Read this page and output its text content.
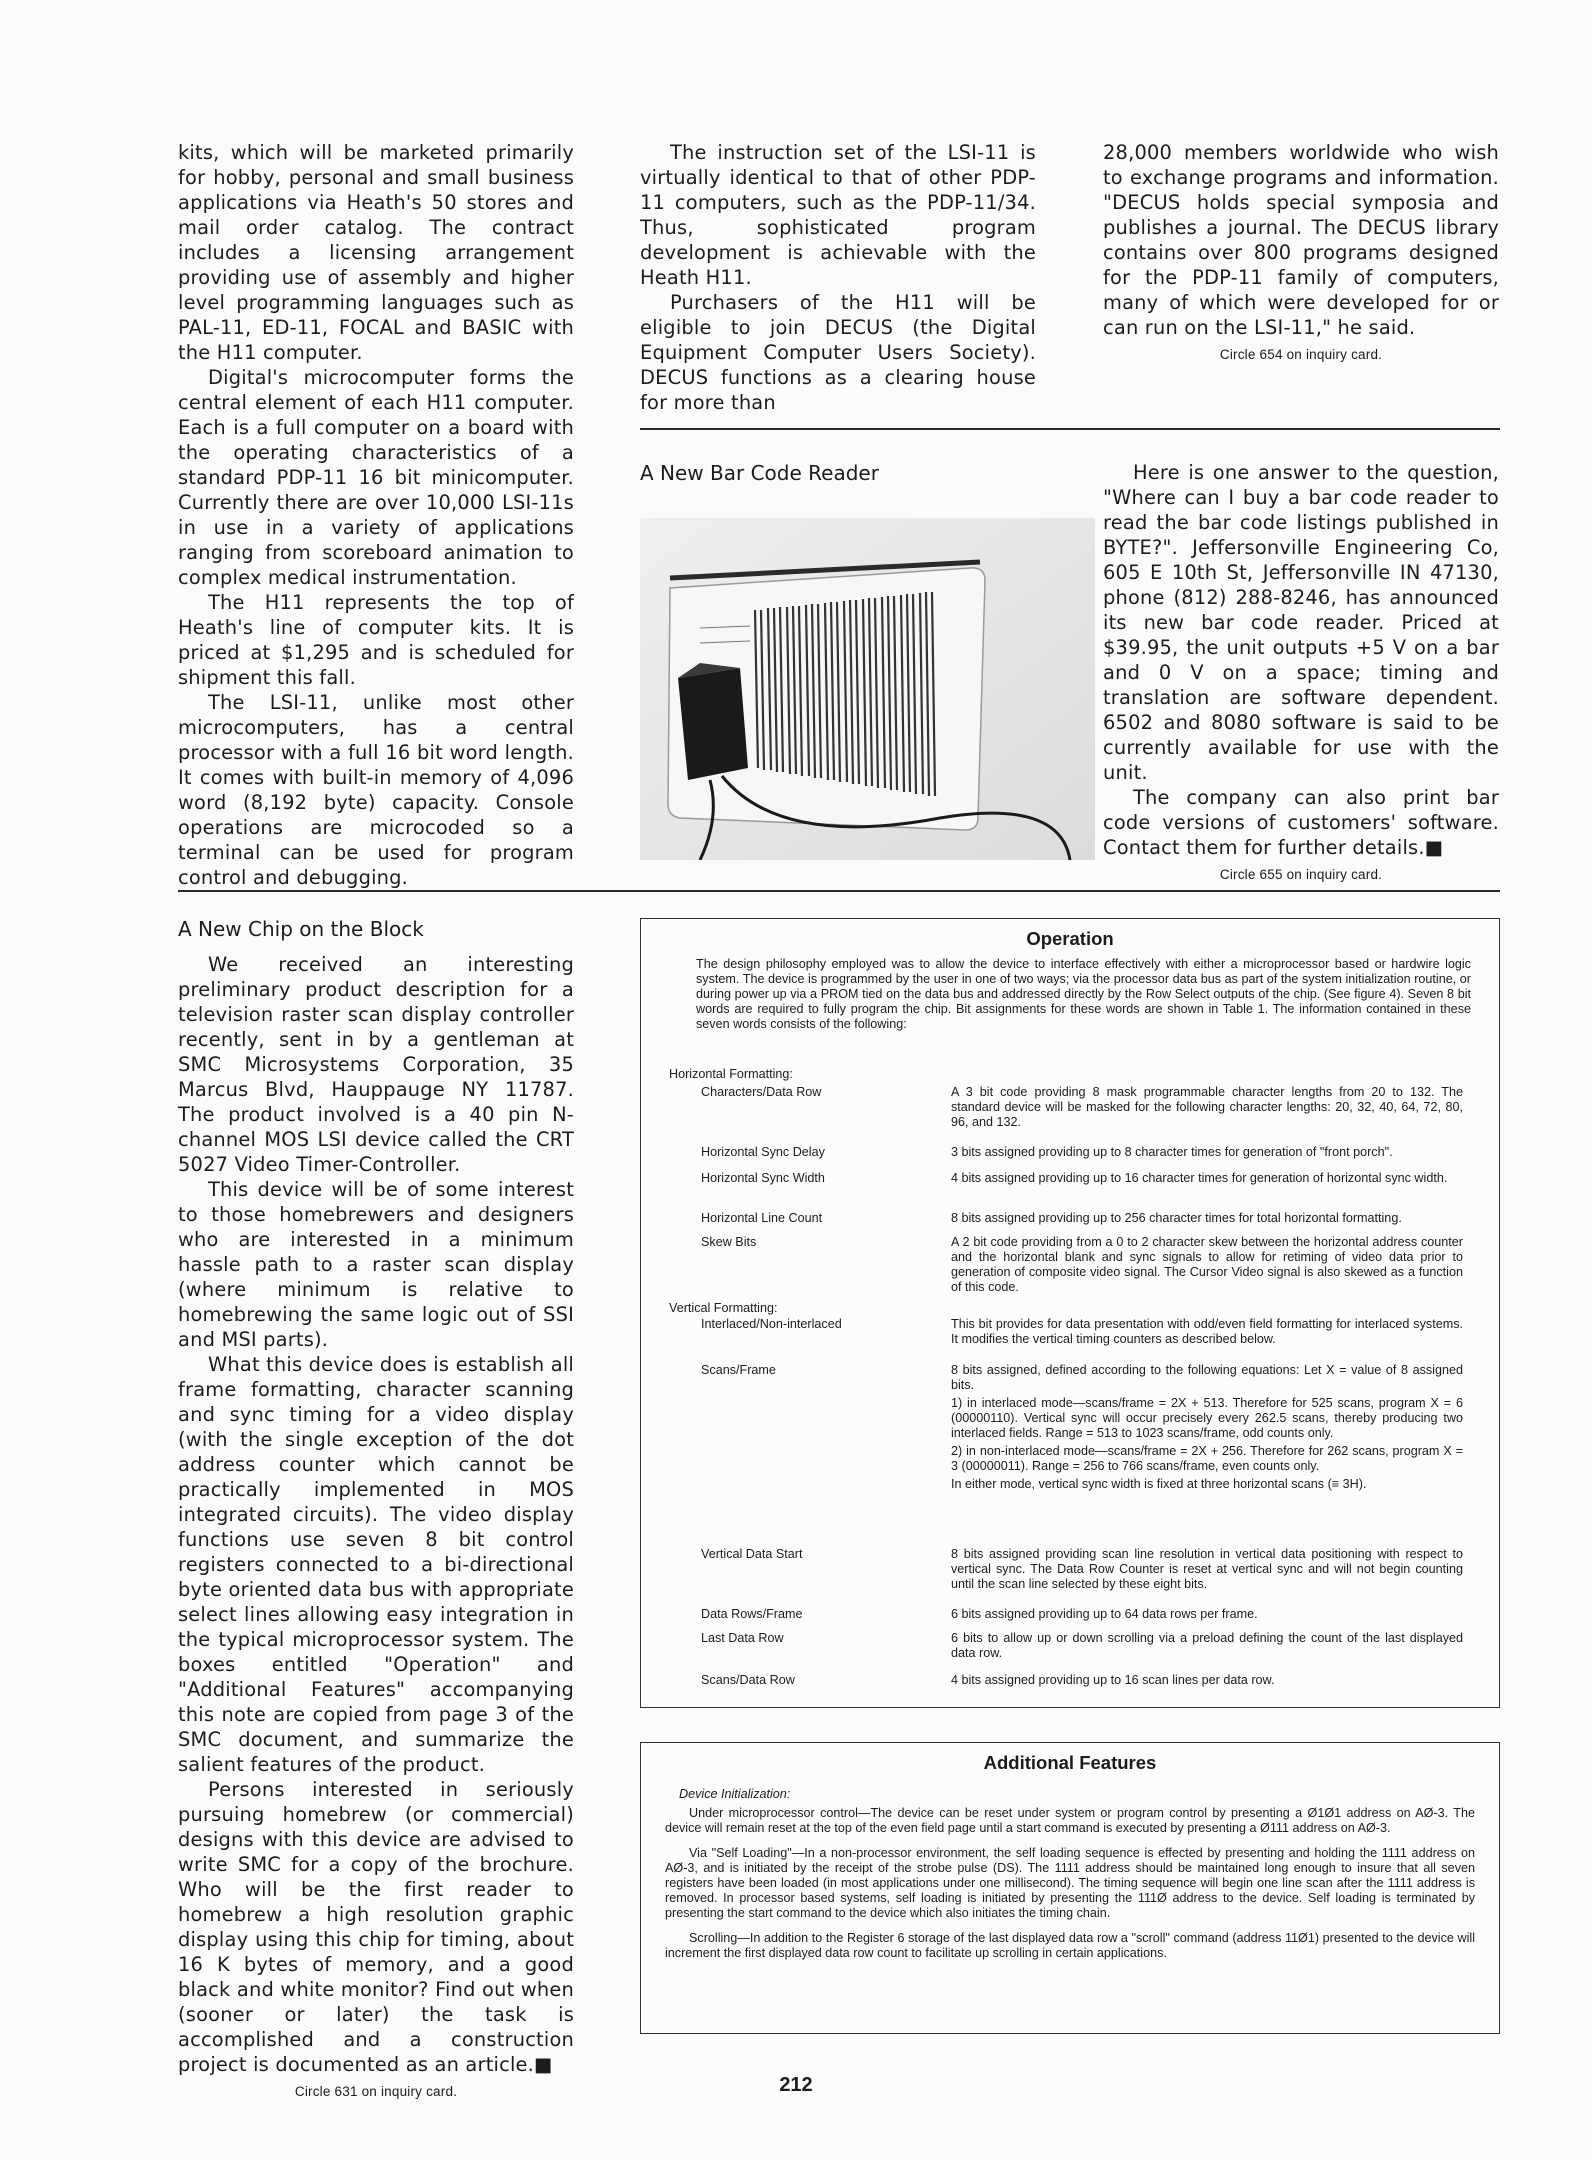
kits, which will be marketed primarily for hobby, personal and small business applications via Heath's 50 stores and mail order catalog. The contract includes a licensing arrangement providing use of assembly and higher level programming languages such as PAL-11, ED-11, FOCAL and BASIC with the H11 computer.

Digital's microcomputer forms the central element of each H11 computer. Each is a full computer on a board with the operating characteristics of a standard PDP-11 16 bit minicomputer. Currently there are over 10,000 LSI-11s in use in a variety of applications ranging from scoreboard animation to complex medical instrumentation.

The H11 represents the top of Heath's line of computer kits. It is priced at $1,295 and is scheduled for shipment this fall.

The LSI-11, unlike most other microcomputers, has a central processor with a full 16 bit word length. It comes with built-in memory of 4,096 word (8,192 byte) capacity. Console operations are microcoded so a terminal can be used for program control and debugging.

The instruction set of the LSI-11 is virtually identical to that of other PDP-11 computers, such as the PDP-11/34. Thus, sophisticated program development is achievable with the Heath H11.

Purchasers of the H11 will be eligible to join DECUS (the Digital Equipment Computer Users Society). DECUS functions as a clearing house for more than

28,000 members worldwide who wish to exchange programs and information. "DECUS holds special symposia and publishes a journal. The DECUS library contains over 800 programs designed for the PDP-11 family of computers, many of which were developed for or can run on the LSI-11," he said.

Circle 654 on inquiry card.
A New Bar Code Reader	Here is one answer to the question, "Where can I buy a bar code reader to read the bar code listings published in BYTE?". Jeffersonville Engineering Co, 605 E 10th St, Jeffersonville IN 47130, phone (812) 288-8246, has announced its new bar code reader. Priced at $39.95, the unit outputs +5 V on a bar and 0 V on a space; timing and translation are software dependent. 6502 and 8080 software is said to be currently available for use with the unit.

The company can also print bar code versions of customers' software. Contact them for further details.■

Circle 655 on inquiry card.
A New Chip on the Block

We received an interesting preliminary product description for a television raster scan display controller recently, sent in by a gentleman at SMC Microsystems Corporation, 35 Marcus Blvd, Hauppauge NY 11787. The product involved is a 40 pin N-channel MOS LSI device called the CRT 5027 Video Timer-Controller.

This device will be of some interest to those homebrewers and designers who are interested in a minimum hassle path to a raster scan display (where minimum is relative to homebrewing the same logic out of SSI and MSI parts).

What this device does is establish all frame formatting, character scanning and sync timing for a video display (with the single exception of the dot address counter which cannot be practically implemented in MOS integrated circuits). The video display functions use seven 8 bit control registers connected to a bi-directional byte oriented data bus with appropriate select lines allowing easy integration in the typical microprocessor system. The boxes entitled "Operation" and "Additional Features" accompanying this note are copied from page 3 of the SMC document, and summarize the salient features of the product.

Persons interested in seriously pursuing homebrew (or commercial) designs with this device are advised to write SMC for a copy of the brochure. Who will be the first reader to homebrew a high resolution graphic display using this chip for timing, about 16 K bytes of memory, and a good black and white monitor? Find out when (sooner or later) the task is accomplished and a construction project is documented as an article.■

Circle 631 on inquiry card.
Operation

The design philosophy employed was to allow the device to interface effectively with either a microprocessor based or hardwire logic system. The device is programmed by the user in one of two ways; via the processor data bus as part of the system initialization routine, or during power up via a PROM tied on the data bus and addressed directly by the Row Select outputs of the chip. (See figure 4). Seven 8 bit words are required to fully program the chip. Bit assignments for these words are shown in Table 1. The information contained in these seven words consists of the following:

Horizontal Formatting:
Characters/Data Row	A 3 bit code providing 8 mask programmable character lengths from 20 to 132. The standard device will be masked for the following character lengths: 20, 32, 40, 64, 72, 80, 96, and 132.
Horizontal Sync Delay	3 bits assigned providing up to 8 character times for generation of "front porch".
Horizontal Sync Width	4 bits assigned providing up to 16 character times for generation of horizontal sync width.
Horizontal Line Count	8 bits assigned providing up to 256 character times for total horizontal formatting.
Skew Bits	A 2 bit code providing from a 0 to 2 character skew between the horizontal address counter and the horizontal blank and sync signals to allow for retiming of video data prior to generation of composite video signal. The Cursor Video signal is also skewed as a function of this code.
Vertical Formatting:
Interlaced/Non-interlaced	This bit provides for data presentation with odd/even field formatting for interlaced systems. It modifies the vertical timing counters as described below.
Scans/Frame	8 bits assigned, defined according to the following equations: Let X = value of 8 assigned bits.
1) in interlaced mode—scans/frame = 2X + 513. Therefore for 525 scans, program X = 6 (00000110). Vertical sync will occur precisely every 262.5 scans, thereby producing two interlaced fields. Range = 513 to 1023 scans/frame, odd counts only.
2) in non-interlaced mode—scans/frame = 2X + 256. Therefore for 262 scans, program X = 3 (00000011). Range = 256 to 766 scans/frame, even counts only.
In either mode, vertical sync width is fixed at three horizontal scans (≡ 3H).
Vertical Data Start	8 bits assigned providing scan line resolution in vertical data positioning with respect to vertical sync. The Data Row Counter is reset at vertical sync and will not begin counting until the scan line selected by these eight bits.
Data Rows/Frame	6 bits assigned providing up to 64 data rows per frame.
Last Data Row	6 bits to allow up or down scrolling via a preload defining the count of the last displayed data row.
Scans/Data Row	4 bits assigned providing up to 16 scan lines per data row.
Additional Features
Device Initialization:

Under microprocessor control—The device can be reset under system or program control by presenting a Ø1Ø1 address on AØ-3. The device will remain reset at the top of the even field page until a start command is executed by presenting a Ø111 address on AØ-3.

Via "Self Loading"—In a non-processor environment, the self loading sequence is effected by presenting and holding the 1111 address on AØ-3, and is initiated by the receipt of the strobe pulse (DS). The 1111 address should be maintained long enough to insure that all seven registers have been loaded (in most applications under one millisecond). The timing sequence will begin one line scan after the 1111 address is removed. In processor based systems, self loading is initiated by presenting the 111Ø address to the device. Self loading is terminated by presenting the start command to the device which also initiates the timing chain.

Scrolling—In addition to the Register 6 storage of the last displayed data row a "scroll" command (address 11Ø1) presented to the device will increment the first displayed data row count to facilitate up scrolling in certain applications.

212
